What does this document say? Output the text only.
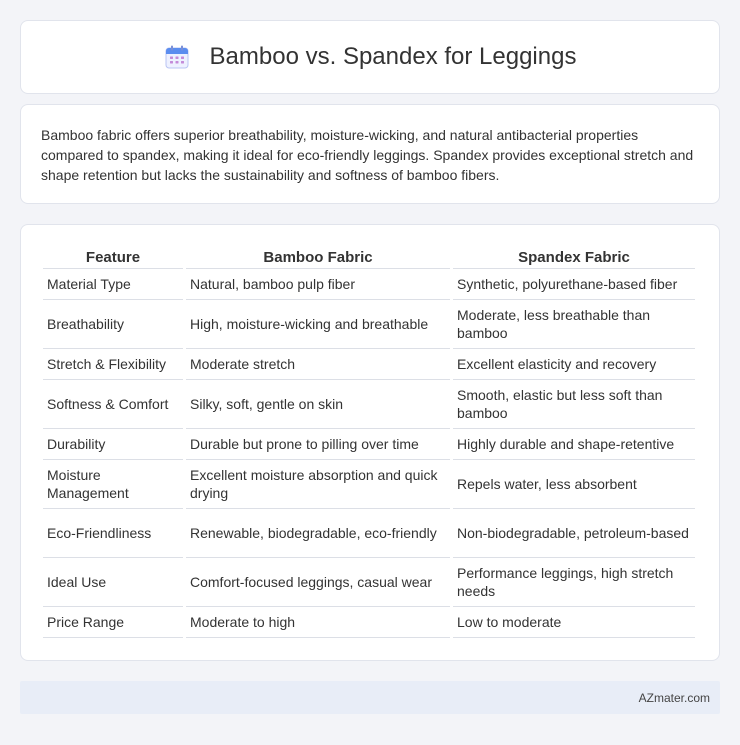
Bamboo vs. Spandex for Leggings

Bamboo fabric offers superior breathability, moisture-wicking, and natural antibacterial properties compared to spandex, making it ideal for eco-friendly leggings. Spandex provides exceptional stretch and shape retention but lacks the sustainability and softness of bamboo fibers.

Feature	Bamboo Fabric	Spandex Fabric
Material Type	Natural, bamboo pulp fiber	Synthetic, polyurethane-based fiber
Breathability	High, moisture-wicking and breathable	Moderate, less breathable than bamboo
Stretch & Flexibility	Moderate stretch	Excellent elasticity and recovery
Softness & Comfort	Silky, soft, gentle on skin	Smooth, elastic but less soft than bamboo
Durability	Durable but prone to pilling over time	Highly durable and shape-retentive
Moisture Management	Excellent moisture absorption and quick drying	Repels water, less absorbent
Eco-Friendliness	Renewable, biodegradable, eco-friendly	Non-biodegradable, petroleum-based
Ideal Use	Comfort-focused leggings, casual wear	Performance leggings, high stretch needs
Price Range	Moderate to high	Low to moderate
AZmater.com
